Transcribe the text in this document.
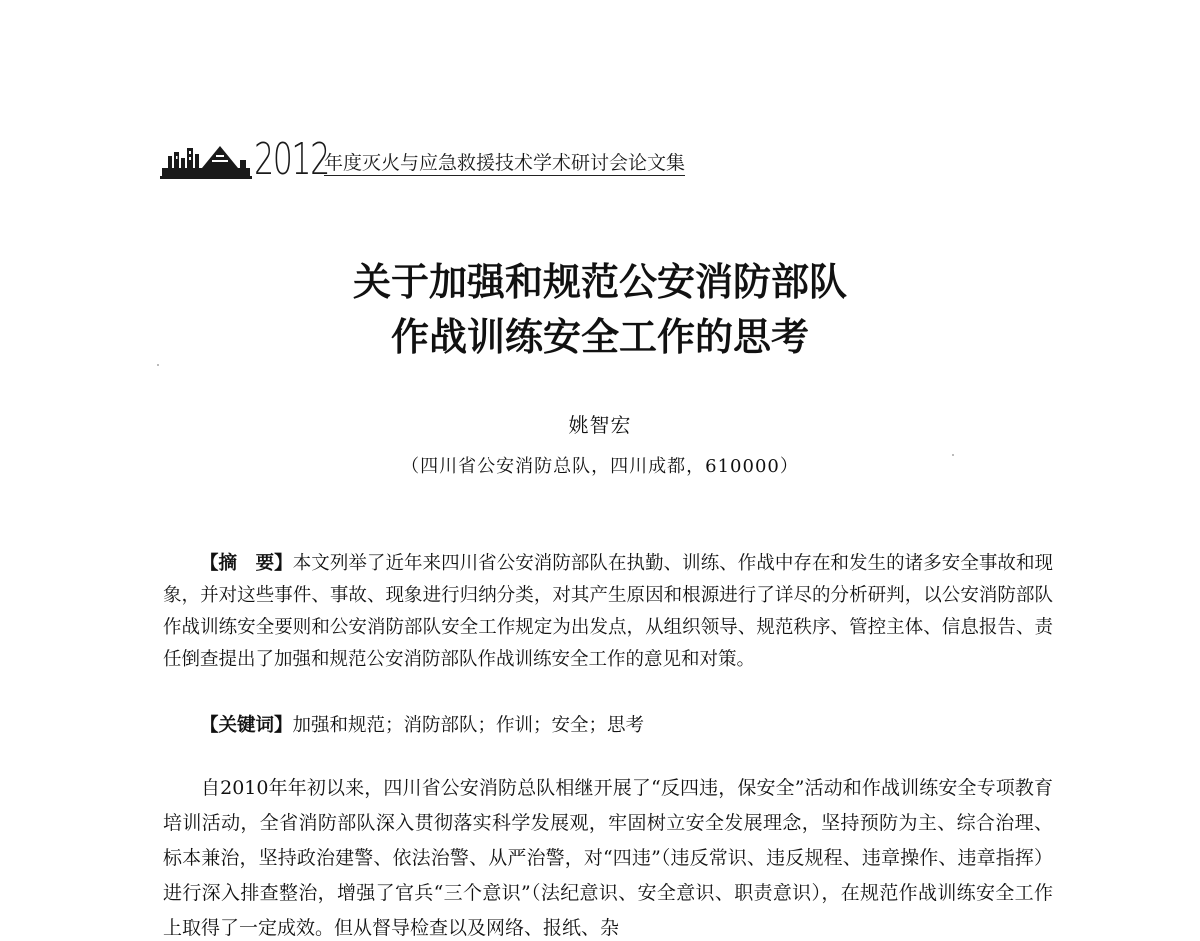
2012
年度灭火与应急救援技术学术研讨会论文集
关于加强和规范公安消防部队
作战训练安全工作的思考
姚智宏
（四川省公安消防总队，四川成都，610000）
【摘　要】本文列举了近年来四川省公安消防部队在执勤、训练、作战中存在和发生的诸多安全事故和现象，并对这些事件、事故、现象进行归纳分类，对其产生原因和根源进行了详尽的分析研判，以公安消防部队作战训练安全要则和公安消防部队安全工作规定为出发点，从组织领导、规范秩序、管控主体、信息报告、责任倒查提出了加强和规范公安消防部队作战训练安全工作的意见和对策。
【关键词】加强和规范；消防部队；作训；安全；思考
自2010年年初以来，四川省公安消防总队相继开展了“反四违，保安全”活动和作战训练安全专项教育培训活动，全省消防部队深入贯彻落实科学发展观，牢固树立安全发展理念，坚持预防为主、综合治理、标本兼治，坚持政治建警、依法治警、从严治警，对“四违”（违反常识、违反规程、违章操作、违章指挥）进行深入排查整治，增强了官兵“三个意识”（法纪意识、安全意识、职责意识），在规范作战训练安全工作上取得了一定成效。但从督导检查以及网络、报纸、杂
